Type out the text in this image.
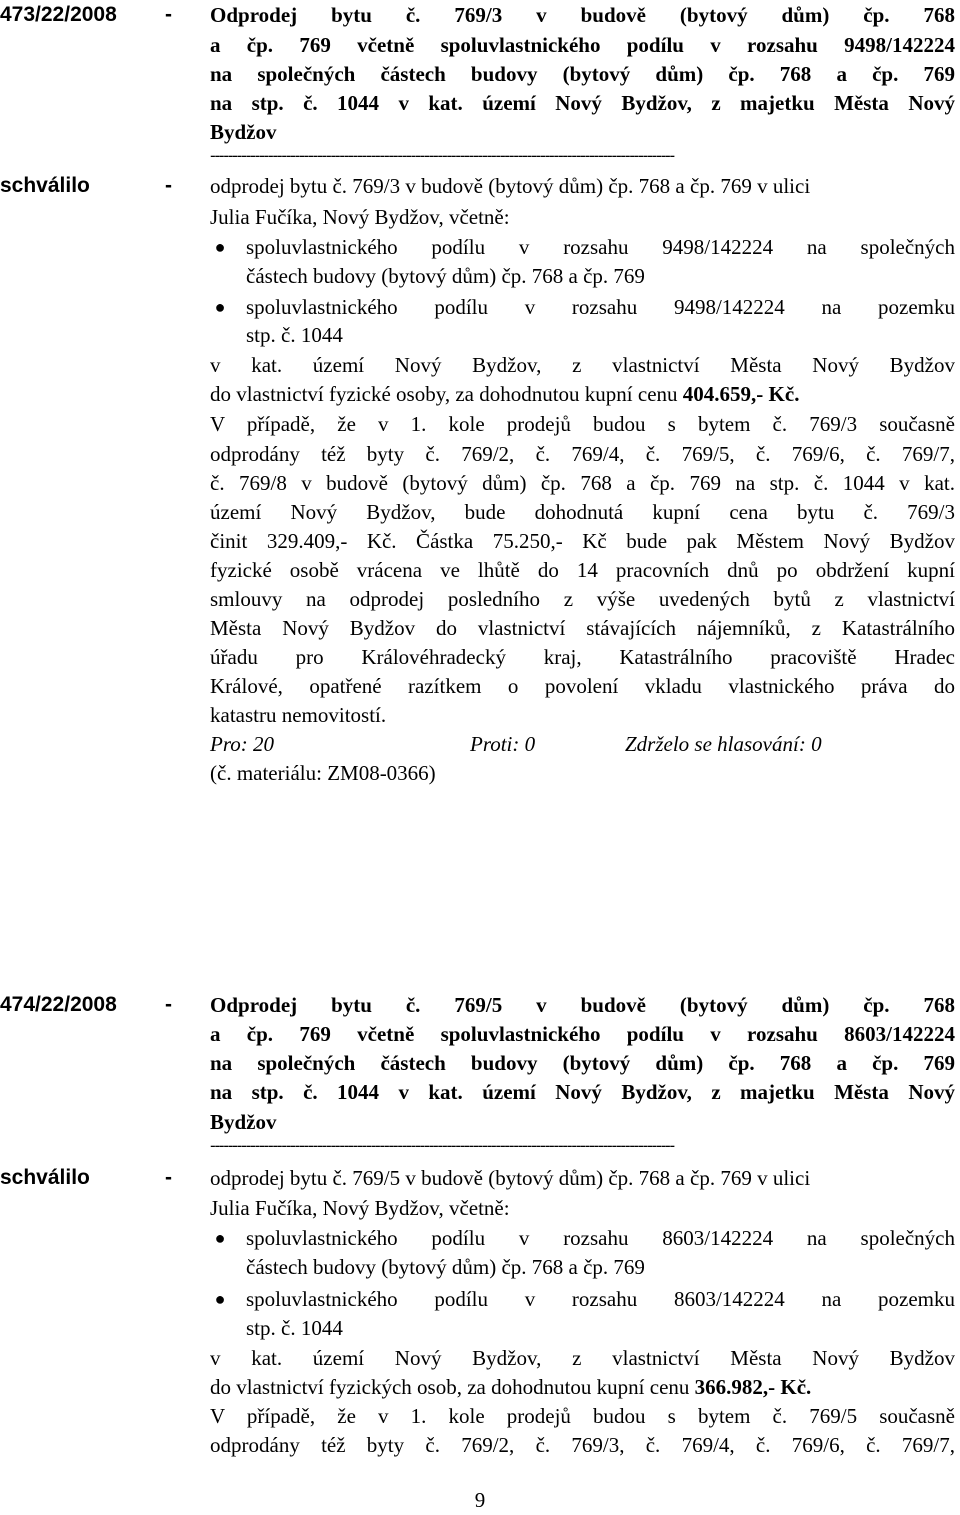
473/22/2008 - Odprodej bytu č. 769/3 v budově (bytový dům) čp. 768
a čp. 769 včetně spoluvlastnického podílu v rozsahu 9498/142224
na společných částech budovy (bytový dům) čp. 768 a čp. 769
na stp. č. 1044 v kat. území Nový Bydžov, z majetku Města Nový
Bydžov
--------------------------------------------------------------------------------------------------------
schválilo	- odprodej bytu č. 769/3 v budově (bytový dům) čp. 768 a čp. 769 v ulici
Julia Fučíka, Nový Bydžov, včetně:
● spoluvlastnického podílu v rozsahu 9498/142224 na společných
částech budovy (bytový dům) čp. 768 a čp. 769
● spoluvlastnického podílu v rozsahu 9498/142224 na pozemku
stp. č. 1044
v kat. území Nový Bydžov, z vlastnictví Města Nový Bydžov
do vlastnictví fyzické osoby, za dohodnutou kupní cenu 404.659,- Kč.
V případě, že v 1. kole prodejů budou s bytem č. 769/3 současně
odprodány též byty č. 769/2, č. 769/4, č. 769/5, č. 769/6, č. 769/7,
č. 769/8 v budově (bytový dům) čp. 768 a čp. 769 na stp. č. 1044 v kat.
území Nový Bydžov, bude dohodnutá kupní cena bytu č. 769/3
činit 329.409,- Kč. Částka 75.250,- Kč bude pak Městem Nový Bydžov
fyzické osobě vrácena ve lhůtě do 14 pracovních dnů po obdržení kupní
smlouvy na odprodej posledního z výše uvedených bytů z vlastnictví
Města Nový Bydžov do vlastnictví stávajících nájemníků, z Katastrálního
úřadu pro Královéhradecký kraj, Katastrálního pracoviště Hradec
Králové, opatřené razítkem o povolení vkladu vlastnického práva do
katastru nemovitostí.
Pro: 20	Proti: 0	Zdrželo se hlasování: 0
(č. materiálu: ZM08-0366)
474/22/2008 - Odprodej bytu č. 769/5 v budově (bytový dům) čp. 768
a čp. 769 včetně spoluvlastnického podílu v rozsahu 8603/142224
na společných částech budovy (bytový dům) čp. 768 a čp. 769
na stp. č. 1044 v kat. území Nový Bydžov, z majetku Města Nový
Bydžov
--------------------------------------------------------------------------------------------------------
schválilo	- odprodej bytu č. 769/5 v budově (bytový dům) čp. 768 a čp. 769 v ulici
Julia Fučíka, Nový Bydžov, včetně:
● spoluvlastnického podílu v rozsahu 8603/142224 na společných
částech budovy (bytový dům) čp. 768 a čp. 769
● spoluvlastnického podílu v rozsahu 8603/142224 na pozemku
stp. č. 1044
v kat. území Nový Bydžov, z vlastnictví Města Nový Bydžov
do vlastnictví fyzických osob, za dohodnutou kupní cenu 366.982,- Kč.
V případě, že v 1. kole prodejů budou s bytem č. 769/5 současně
odprodány též byty č. 769/2, č. 769/3, č. 769/4, č. 769/6, č. 769/7,
9
